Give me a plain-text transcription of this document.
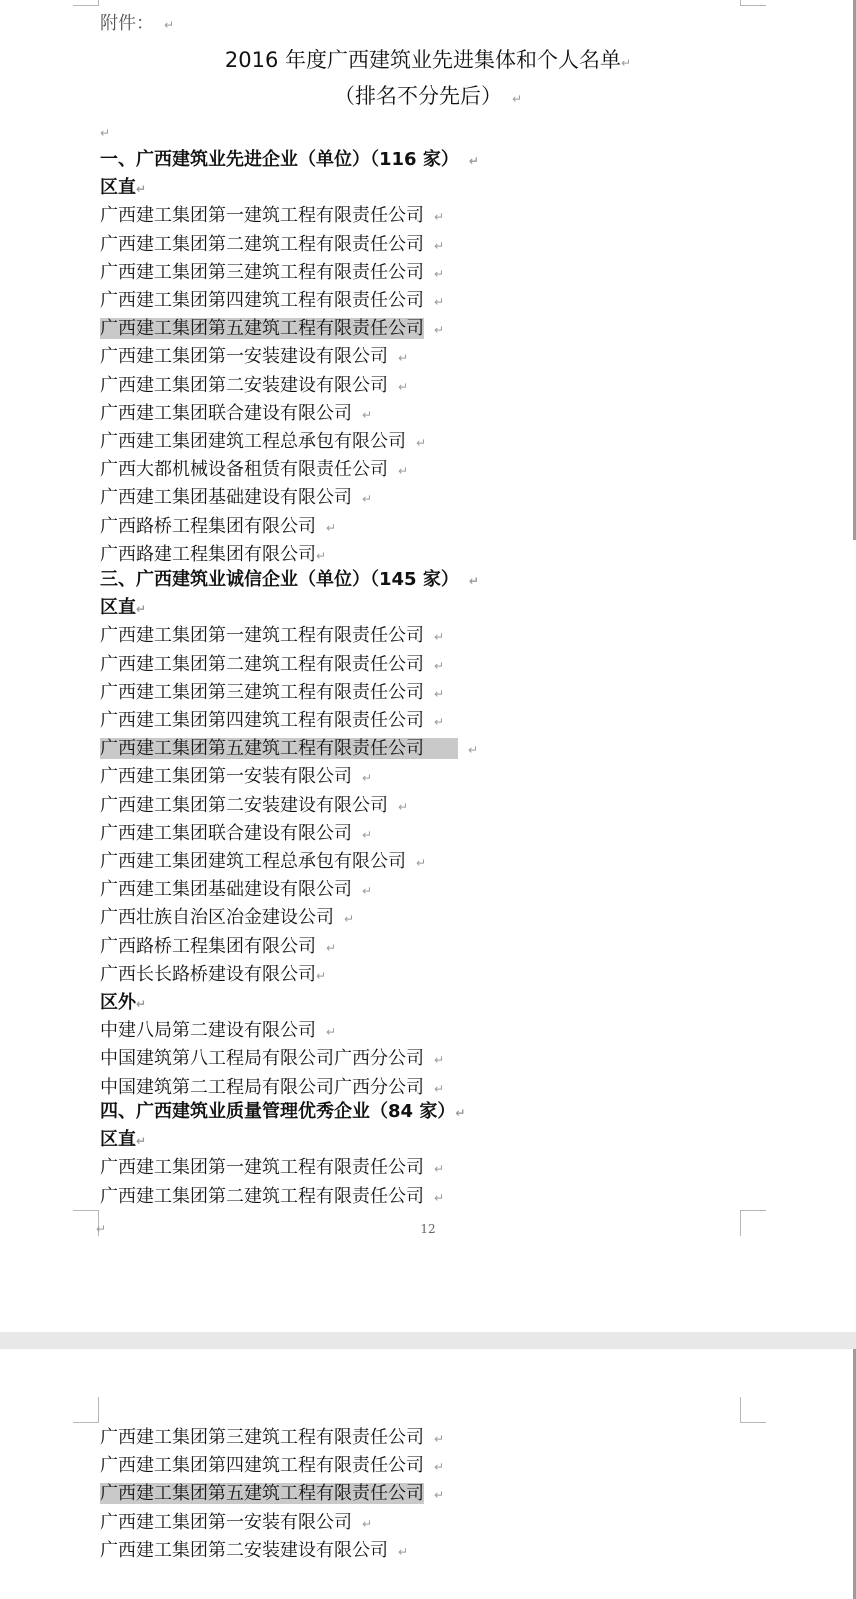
附件： ↵
2016 年度广西建筑业先进集体和个人名单↵
（排名不分先后） ↵
↵
↵	12
一、广西建筑业先进企业（单位）（116 家） ↵
区直↵
广西建工集团第一建筑工程有限责任公司 ↵
广西建工集团第二建筑工程有限责任公司 ↵
广西建工集团第三建筑工程有限责任公司 ↵
广西建工集团第四建筑工程有限责任公司 ↵
广西建工集团第五建筑工程有限责任公司 ↵
广西建工集团第一安装建设有限公司 ↵
广西建工集团第二安装建设有限公司 ↵
广西建工集团联合建设有限公司 ↵
广西建工集团建筑工程总承包有限公司 ↵
广西大都机械设备租赁有限责任公司 ↵
广西建工集团基础建设有限公司 ↵
广西路桥工程集团有限公司 ↵
广西路建工程集团有限公司↵
三、广西建筑业诚信企业（单位）（145 家） ↵
区直↵
广西建工集团第一建筑工程有限责任公司 ↵
广西建工集团第二建筑工程有限责任公司 ↵
广西建工集团第三建筑工程有限责任公司 ↵
广西建工集团第四建筑工程有限责任公司 ↵
广西建工集团第五建筑工程有限责任公司	↵
广西建工集团第一安装有限公司 ↵
广西建工集团第二安装建设有限公司 ↵
广西建工集团联合建设有限公司 ↵
广西建工集团建筑工程总承包有限公司 ↵
广西建工集团基础建设有限公司 ↵
广西壮族自治区冶金建设公司 ↵
广西路桥工程集团有限公司 ↵
广西长长路桥建设有限公司↵
区外↵
中建八局第二建设有限公司 ↵
中国建筑第八工程局有限公司广西分公司 ↵
中国建筑第二工程局有限公司广西分公司 ↵
四、广西建筑业质量管理优秀企业（84 家）↵
区直↵
广西建工集团第一建筑工程有限责任公司 ↵
广西建工集团第二建筑工程有限责任公司 ↵
广西建工集团第三建筑工程有限责任公司 ↵
广西建工集团第四建筑工程有限责任公司 ↵
广西建工集团第五建筑工程有限责任公司 ↵
广西建工集团第一安装有限公司 ↵
广西建工集团第二安装建设有限公司 ↵
